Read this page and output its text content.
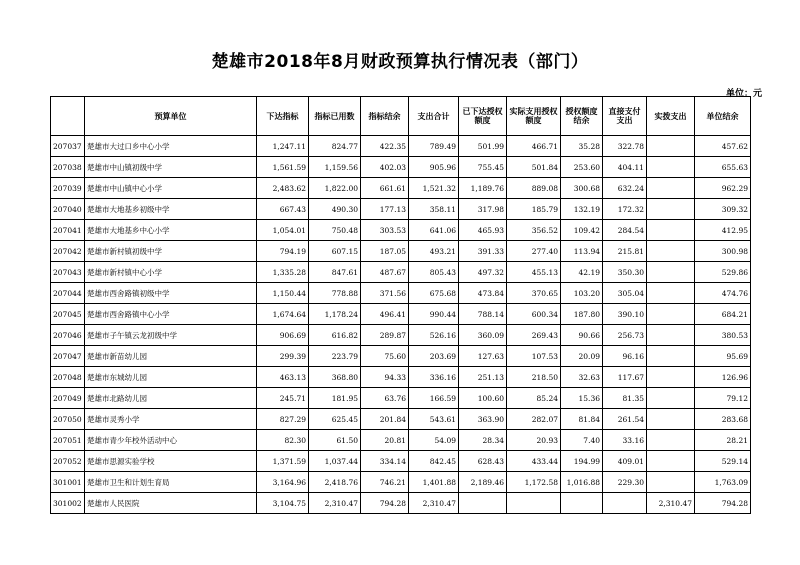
楚雄市2018年8月财政预算执行情况表（部门）
单位：元
	预算单位	下达指标	指标已用数	指标结余	支出合计	已下达授权额度	实际支用授权额度	授权额度结余	直接支付支出	实拨支出	单位结余
207037	楚雄市大过口乡中心小学	1,247.11	824.77	422.35	789.49	501.99	466.71	35.28	322.78		457.62
207038	楚雄市中山镇初级中学	1,561.59	1,159.56	402.03	905.96	755.45	501.84	253.60	404.11		655.63
207039	楚雄市中山镇中心小学	2,483.62	1,822.00	661.61	1,521.32	1,189.76	889.08	300.68	632.24		962.29
207040	楚雄市大地基乡初级中学	667.43	490.30	177.13	358.11	317.98	185.79	132.19	172.32		309.32
207041	楚雄市大地基乡中心小学	1,054.01	750.48	303.53	641.06	465.93	356.52	109.42	284.54		412.95
207042	楚雄市新村镇初级中学	794.19	607.15	187.05	493.21	391.33	277.40	113.94	215.81		300.98
207043	楚雄市新村镇中心小学	1,335.28	847.61	487.67	805.43	497.32	455.13	42.19	350.30		529.86
207044	楚雄市西舍路镇初级中学	1,150.44	778.88	371.56	675.68	473.84	370.65	103.20	305.04		474.76
207045	楚雄市西舍路镇中心小学	1,674.64	1,178.24	496.41	990.44	788.14	600.34	187.80	390.10		684.21
207046	楚雄市子午镇云龙初级中学	906.69	616.82	289.87	526.16	360.09	269.43	90.66	256.73		380.53
207047	楚雄市新苗幼儿园	299.39	223.79	75.60	203.69	127.63	107.53	20.09	96.16		95.69
207048	楚雄市东城幼儿园	463.13	368.80	94.33	336.16	251.13	218.50	32.63	117.67		126.96
207049	楚雄市北路幼儿园	245.71	181.95	63.76	166.59	100.60	85.24	15.36	81.35		79.12
207050	楚雄市灵秀小学	827.29	625.45	201.84	543.61	363.90	282.07	81.84	261.54		283.68
207051	楚雄市青少年校外活动中心	82.30	61.50	20.81	54.09	28.34	20.93	7.40	33.16		28.21
207052	楚雄市思源实验学校	1,371.59	1,037.44	334.14	842.45	628.43	433.44	194.99	409.01		529.14
301001	楚雄市卫生和计划生育局	3,164.96	2,418.76	746.21	1,401.88	2,189.46	1,172.58	1,016.88	229.30		1,763.09
301002	楚雄市人民医院	3,104.75	2,310.47	794.28	2,310.47					2,310.47	794.28
